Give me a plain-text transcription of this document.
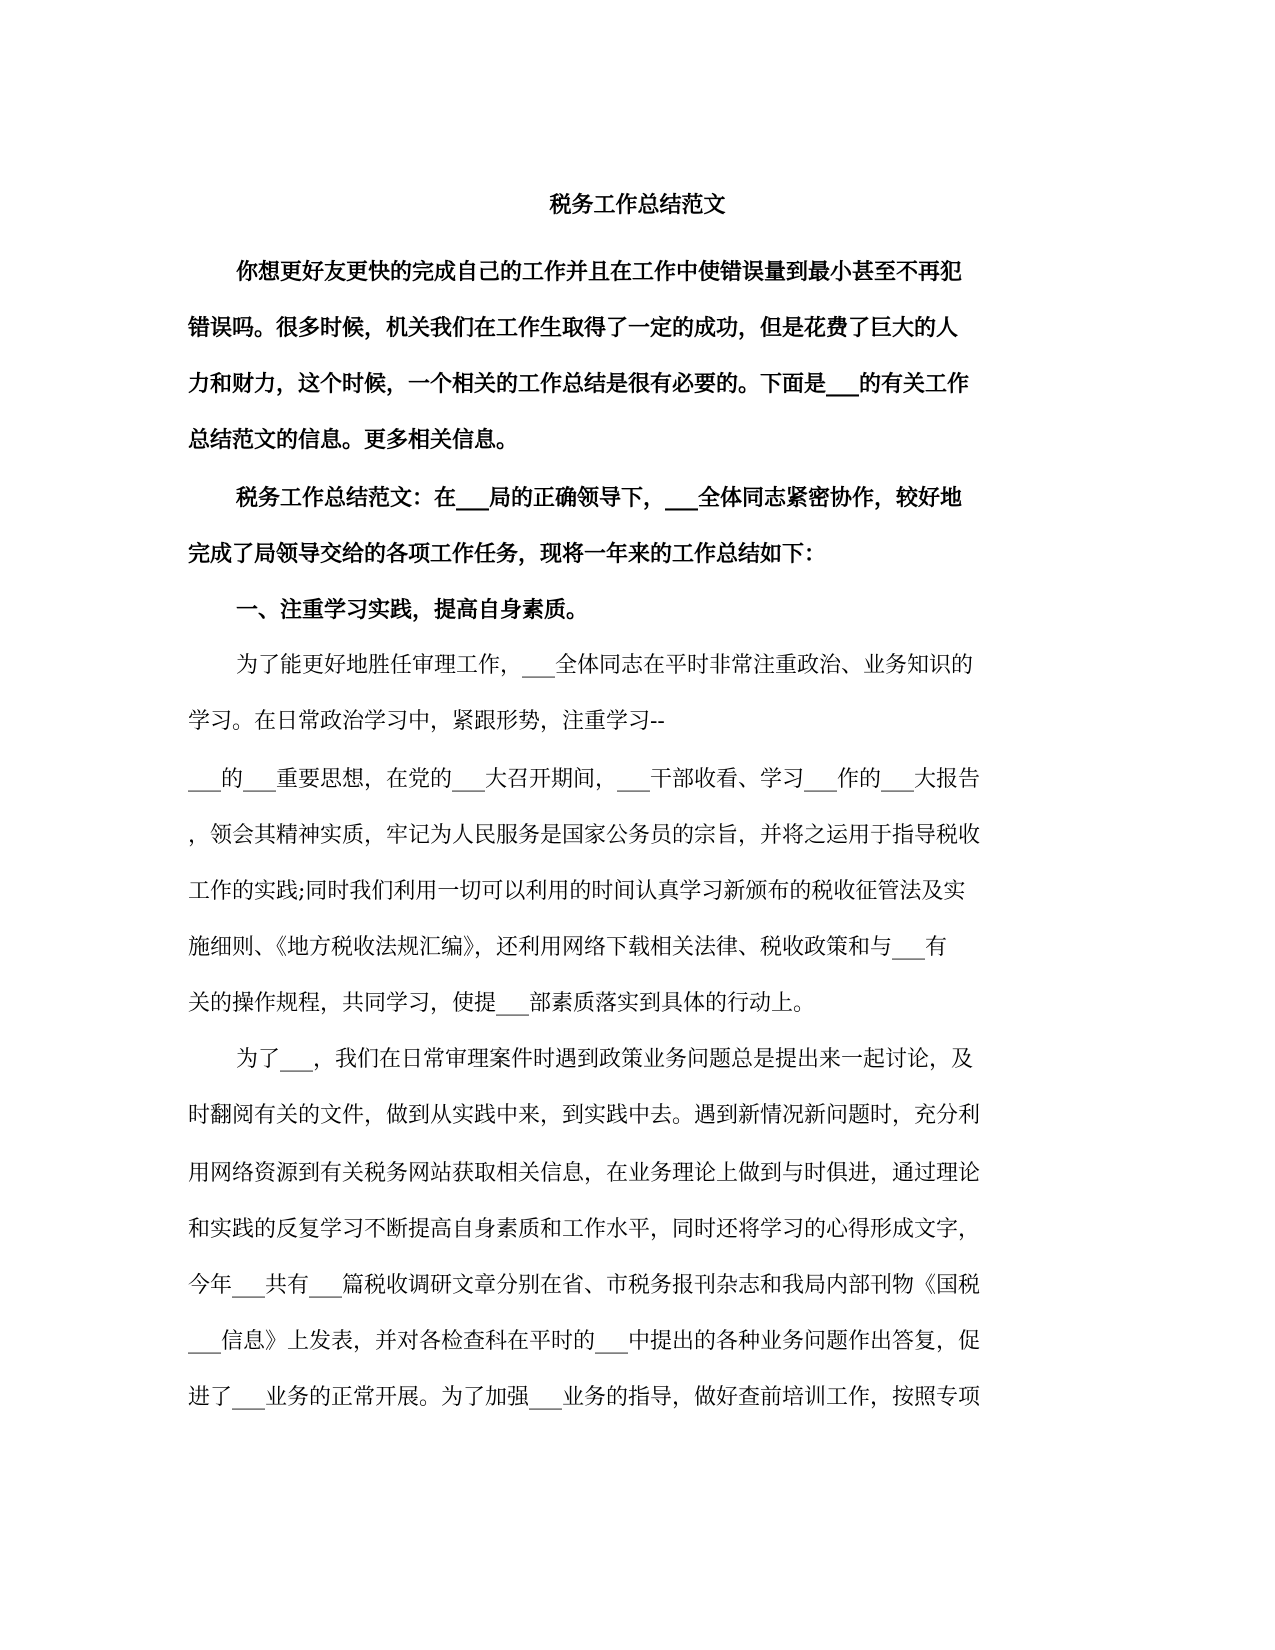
税务工作总结范文
你想更好友更快的完成自己的工作并且在工作中使错误量到最小甚至不再犯
错误吗。很多时候，机关我们在工作生取得了一定的成功，但是花费了巨大的人
力和财力，这个时候，一个相关的工作总结是很有必要的。下面是___的有关工作
总结范文的信息。更多相关信息。
税务工作总结范文：在___局的正确领导下，___全体同志紧密协作，较好地
完成了局领导交给的各项工作任务，现将一年来的工作总结如下：
一、注重学习实践，提高自身素质。
为了能更好地胜任审理工作，___全体同志在平时非常注重政治、业务知识的
学习。在日常政治学习中，紧跟形势，注重学习--
___的___重要思想，在党的___大召开期间，___干部收看、学习___作的___大报告
，领会其精神实质，牢记为人民服务是国家公务员的宗旨，并将之运用于指导税收
工作的实践;同时我们利用一切可以利用的时间认真学习新颁布的税收征管法及实
施细则、《地方税收法规汇编》，还利用网络下载相关法律、税收政策和与___有
关的操作规程，共同学习，使提___部素质落实到具体的行动上。
为了___，我们在日常审理案件时遇到政策业务问题总是提出来一起讨论，及
时翻阅有关的文件，做到从实践中来，到实践中去。遇到新情况新问题时，充分利
用网络资源到有关税务网站获取相关信息，在业务理论上做到与时俱进，通过理论
和实践的反复学习不断提高自身素质和工作水平，同时还将学习的心得形成文字，
今年___共有___篇税收调研文章分别在省、市税务报刊杂志和我局内部刊物《国税
___信息》上发表，并对各检查科在平时的___中提出的各种业务问题作出答复，促
进了___业务的正常开展。为了加强___业务的指导，做好查前培训工作，按照专项
